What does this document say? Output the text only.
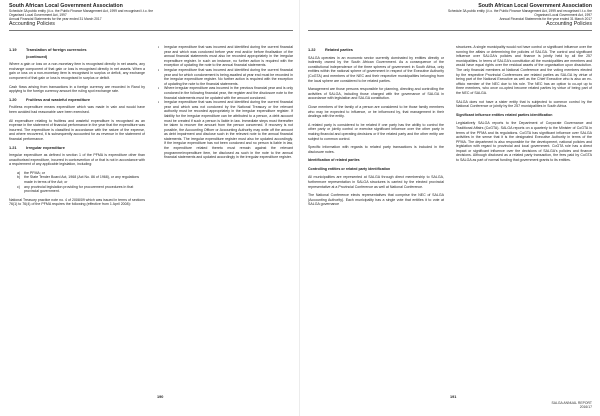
South African Local Government Association
Schedule 3A public entity (i.t.o. the Public Finance Management Act, 1999 and recognised i.t.o. the
Organised Local Government Act, 1997
Annual Financial Statements for the year ended 31 March 2017
Accounting Policies
1.19	Translation of foreign currencies
(continued)

Where a gain or loss on a non-monetary item is recognised directly in net assets, any exchange component of that gain or loss is recognised directly in net assets. When a gain or loss on a non-monetary item is recognised in surplus or deficit, any exchange component of that gain or loss is recognised in surplus or deficit.

Cash flows arising from transactions in a foreign currency are recorded in Rand by applying to the foreign currency amount the ruling spot exchange rate.

1.20	Fruitless and wasteful expenditure

Fruitless expenditure means expenditure which was made in vain and would have been avoided had reasonable care been exercised.

All expenditure relating to fruitless and wasteful expenditure is recognised as an expense in the statement of financial performance in the year that the expenditure was incurred. The expenditure is classified in accordance with the nature of the expense, and where recovered, it is subsequently accounted for as revenue in the statement of financial performance.

1.21	Irregular expenditure

Irregular expenditure as defined in section 1 of the PFMA is expenditure other than unauthorised expenditure, incurred in contravention of or that is not in accordance with a requirement of any applicable legislation, including:

a) the PFMA; or
b) the State Tender Board Act, 1968 (Act No. 86 of 1968), or any regulations made in terms of the Act; or
c) any provincial legislation providing for procurement procedures in that provincial government.

National Treasury practice note no. 4 of 2008/09 which was issued in terms of sections 76(1) to 76(4) of the PFMA requires the following (effective from 1 April 2008):

▪ Irregular expenditure that was incurred and identified during the current financial year and which was condoned before year end and/or before finalisation of the annual financial statements must also be recorded appropriately in the irregular expenditure register. In such an instance, no further action is required with the exception of updating the note to the annual financial statements.
▪ Irregular expenditure that was incurred and identified during the current financial year and for which condonement is being awaited at year end must be recorded in the irregular expenditure register. No further action is required with the exception of updating the note to the financial statements.
▪ Where irregular expenditure was incurred in the previous financial year and is only condoned in the following financial year, the register and the disclosure note to the financial statements must be updated with the amount condoned.
▪ Irregular expenditure that was incurred and identified during the current financial year and which was not condoned by the National Treasury or the relevant authority must be recorded appropriately in the irregular expenditure register. If liability for the irregular expenditure can be attributed to a person, a debt account must be created if such a person is liable in law. Immediate steps must thereafter be taken to recover the amount from the person concerned. If recovery is not possible, the Accounting Officer or Accounting Authority may write off the amount as debt impairment and disclose such in the relevant note to the annual financial statements. The irregular expenditure register must also be updated accordingly. If the irregular expenditure has not been condoned and no person is liable in law, the expenditure related thereto must remain against the relevant programme/expenditure item, be disclosed as such in the note to the annual financial statements and updated accordingly in the irregular expenditure register.
190
South African Local Government Association
Schedule 3A public entity (i.t.o. the Public Finance Management Act, 1999 and recognised i.t.o. the
Organised Local Government Act, 1997
Annual Financial Statements for the year ended 31 March 2017
Accounting Policies
1.22	Related parties

SALGA operates in an economic sector currently dominated by entities directly or indirectly owned by the South African Government. As a consequence of the constitutional independence of the three spheres of government in South Africa, only entities within the national sphere of government in respect of the Executive Authority (CoGTA) and members of the NEC and their respective municipalities belonging from the local sphere are considered to be related parties.

Management are those persons responsible for planning, directing and controlling the activities of SALGA, including those charged with the governance of SALGA in accordance with legislation and SALGA constitution.

Close members of the family of a person are considered to be those family members who may be expected to influence, or be influenced by, that management in their dealings with the entity.

A related party is considered to be related if one party has the ability to control the other party or jointly control or exercise significant influence over the other party in making financial and operating decisions or if the related party and the other entity are subject to common control.

Specific information with regards to related party transactions is included in the disclosure notes.

Identification of related parties
Controlling entities or related party identification

All municipalities are represented at SALGA through direct membership to SALGA, furthermore representation in SALGA structures is carried by the elected provincial representative at a Provincial Conference as well at National Conference.

The National Conference elects representatives that comprise the NEC of SALGA (Accounting Authority). Each municipality has a single vote that entitles it to vote at SALGA governance

structures. A single municipality would not have control or significant influence over the running the affairs or determining the policies of SALGA. The control and significant influence over SALGA's policies and finance is jointly held by all the 257 municipalities. In terms of SALGA's constitution all the municipalities are members and would have equal rights over the residual assets of the organisation upon dissolution. The only financial members at National Conference and the voting members elected by the respective Provincial Conferences are related parties as SALGA by virtue of being part of the National Executive as well as the Chief Executive who is also an ex-officio member of the NEC due to his role. The NEC has an option to co-opt up to three members, who once co-opted become related parties by virtue of being part of the NEC of SALGA.

SALGA does not have a sister entity that is subjected to common control by the National Conference or jointly by the 257 municipalities in South Africa.

Significant influence entities related parties identification

Legislatively SALGA reports to the Department of Corporate Governance and Traditional Affairs (CoGTA). SALGA reports on a quarterly to the Minister of CoGTA in terms of the PFMA and its regulations. CoGTA has significant influence over SALGA activities in the sense that it is the designated Executive Authority in terms of the PFMA. The department is also responsible for the development, national policies and legislation with regard to provincial and local government. CoGTA role has a direct impact or significant influence over the decisions of SALGA's policies and finance decisions. Although disclosed as a related party transaction, the fees paid by CoGTA to SALGA as part of normal funding that government grants to its entities.

191
SALGA ANNUAL REPORT
2016/17
